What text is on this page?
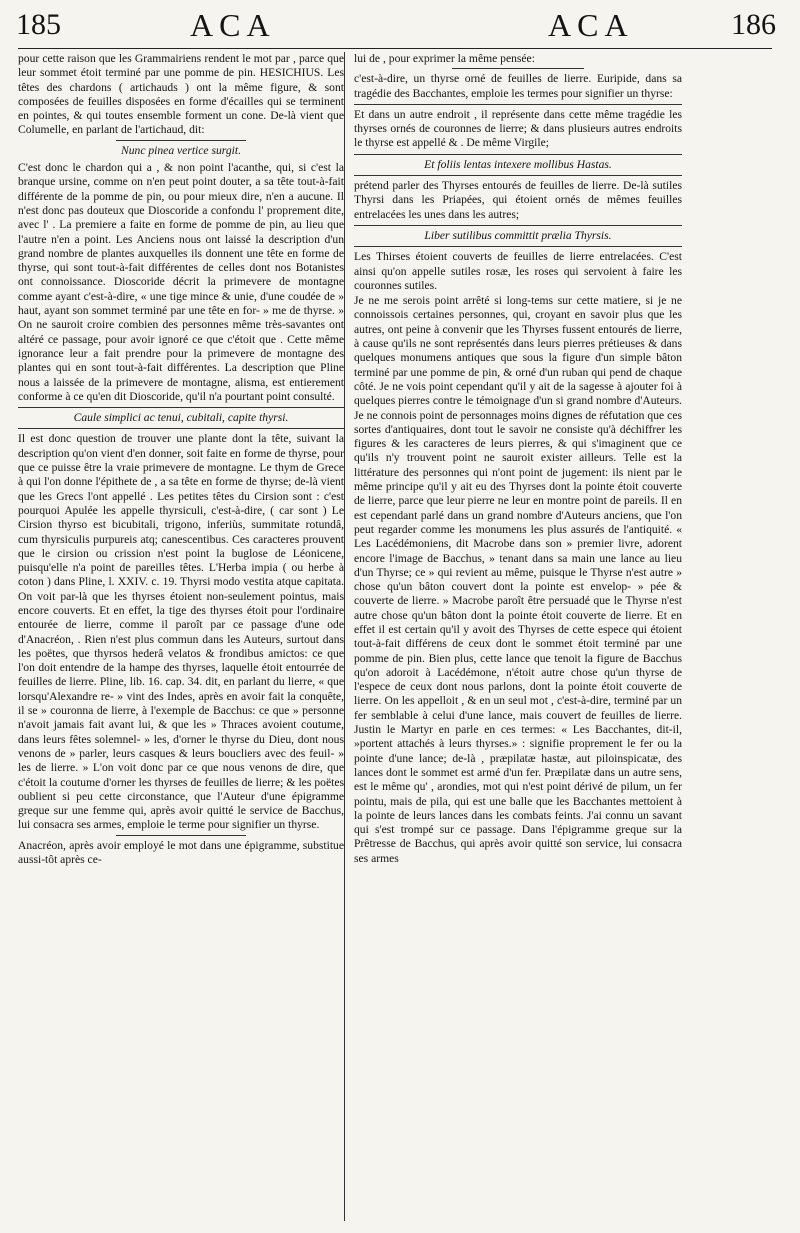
185	ACA	ACA	186

pour cette raison que les Grammairiens rendent le mot par , parce que leur sommet étoit terminé par une pomme de pin. HESICHIUS. Les têtes des chardons ( artichauds ) ont la même figure, & sont composées de feuilles disposées en forme d'écailles qui se terminent en pointes, & qui toutes ensemble forment un cone. De-là vient que Columelle, en parlant de l'artichaud, dit:

Nunc pinea vertice surgit.

C'est donc le chardon qui a , & non point l'acanthe, qui, si c'est la branque ursine, comme on n'en peut point douter, a sa tête tout-à-fait différente de la pomme de pin, ou pour mieux dire, n'en a aucune. Il n'est donc pas douteux que Dioscoride a confondu l' proprement dite, avec l' . La premiere a faite en forme de pomme de pin, au lieu que l'autre n'en a point. Les Anciens nous ont laissé la description d'un grand nombre de plantes auxquelles ils donnent une tête en forme de thyrse, qui sont tout-à-fait différentes de celles dont nos Botanistes ont connoissance. Dioscoride décrit la primevere de montagne comme ayant c'est-à-dire, « une tige mince & unie, d'une coudée de » haut, ayant son sommet terminé par une tête en for- » me de thyrse. » On ne sauroit croire combien des personnes même très-savantes ont altéré ce passage, pour avoir ignoré ce que c'étoit que . Cette même ignorance leur a fait prendre pour la primevere de montagne des plantes qui en sont tout-à-fait différentes. La description que Pline nous a laissée de la primevere de montagne, alisma, est entierement conforme à ce qu'en dit Dioscoride, qu'il n'a pourtant point consulté.

Caule simplici ac tenui, cubitali, capite thyrsi.

Il est donc question de trouver une plante dont la tête, suivant la description qu'on vient d'en donner, soit faite en forme de thyrse, pour que ce puisse être la vraie primevere de montagne. Le thym de Grece à qui l'on donne l'épithete de , a sa tête en forme de thyrse; de-là vient que les Grecs l'ont appellé . Les petites têtes du Cirsion sont : c'est pourquoi Apulée les appelle thyrsiculi, c'est-à-dire, ( car sont ) Le Cirsion thyrso est bicubitali, trigono, inferiùs, summitate rotundâ, cum thyrsiculis purpureis atq; canescentibus. Ces caracteres prouvent que le cirsion ou crission n'est point la buglose de Léonicene, puisqu'elle n'a point de pareilles têtes. L'Herba impia ( ou herbe à coton ) dans Pline, l. XXIV. c. 19. Thyrsi modo vestita atque capitata. On voit par-là que les thyrses étoient non-seulement pointus, mais encore couverts. Et en effet, la tige des thyrses étoit pour l'ordinaire entourée de lierre, comme il paroît par ce passage d'une ode d'Anacréon, . Rien n'est plus commun dans les Auteurs, surtout dans les poëtes, que thyrsos hederâ velatos & frondibus amictos: ce que l'on doit entendre de la hampe des thyrses, laquelle étoit entourrée de feuilles de lierre. Pline, lib. 16. cap. 34. dit, en parlant du lierre, « que lorsqu'Alexandre re- » vint des Indes, après en avoir fait la conquête, il se » couronna de lierre, à l'exemple de Bacchus: ce que » personne n'avoit jamais fait avant lui, & que les » Thraces avoient coutume, dans leurs fêtes solemnel- » les, d'orner le thyrse du Dieu, dont nous venons de » parler, leurs casques & leurs boucliers avec des feuil- » les de lierre. » L'on voit donc par ce que nous venons de dire, que c'étoit la coutume d'orner les thyrses de feuilles de lierre; & les poëtes oublient si peu cette circonstance, que l'Auteur d'une épigramme greque sur une femme qui, après avoir quitté le service de Bacchus, lui consacra ses armes, emploie le terme pour signifier un thyrse.

Anacréon, après avoir employé le mot dans une épigramme, substitue aussi-tôt après ce-

lui de , pour exprimer la même pensée:

c'est-à-dire, un thyrse orné de feuilles de lierre. Euripide, dans sa tragédie des Bacchantes, emploie les termes pour signifier un thyrse:

Et dans un autre endroit , il représente dans cette même tragédie les thyrses ornés de couronnes de lierre; & dans plusieurs autres endroits le thyrse est appellé & . De même Virgile;

Et foliis lentas intexere mollibus Hastas.

prétend parler des Thyrses entourés de feuilles de lierre. De-là sutiles Thyrsi dans les Priapées, qui étoient ornés de mêmes feuilles entrelacées les unes dans les autres;

Liber sutilibus committit prælia Thyrsis.

Les Thirses étoient couverts de feuilles de lierre entrelacées. C'est ainsi qu'on appelle sutiles rosæ, les roses qui servoient à faire les couronnes sutiles.

Je ne me serois point arrêté si long-tems sur cette matiere, si je ne connoissois certaines personnes, qui, croyant en savoir plus que les autres, ont peine à convenir que les Thyrses fussent entourés de lierre, à cause qu'ils ne sont représentés dans leurs pierres prétieuses & dans quelques monumens antiques que sous la figure d'un simple bâton terminé par une pomme de pin, & orné d'un ruban qui pend de chaque côté. Je ne vois point cependant qu'il y ait de la sagesse à ajouter foi à quelques pierres contre le témoignage d'un si grand nombre d'Auteurs. Je ne connois point de personnages moins dignes de réfutation que ces sortes d'antiquaires, dont tout le savoir ne consiste qu'à déchiffrer les figures & les caracteres de leurs pierres, & qui s'imaginent que ce qu'ils n'y trouvent point ne sauroit exister ailleurs. Telle est la littérature des personnes qui n'ont point de jugement: ils nient par le même principe qu'il y ait eu des Thyrses dont la pointe étoit couverte de lierre, parce que leur pierre ne leur en montre point de pareils. Il en est cependant parlé dans un grand nombre d'Auteurs anciens, que l'on peut regarder comme les monumens les plus assurés de l'antiquité. « Les Lacédémoniens, dit Macrobe dans son » premier livre, adorent encore l'image de Bacchus, » tenant dans sa main une lance au lieu d'un Thyrse; ce » qui revient au même, puisque le Thyrse n'est autre » chose qu'un bâton couvert dont la pointe est envelop- » pée & couverte de lierre. » Macrobe paroît être persuadé que le Thyrse n'est autre chose qu'un bâton dont la pointe étoit couverte de lierre. Et en effet il est certain qu'il y avoit des Thyrses de cette espece qui étoient tout-à-fait différens de ceux dont le sommet étoit terminé par une pomme de pin. Bien plus, cette lance que tenoit la figure de Bacchus qu'on adoroit à Lacédémone, n'étoit autre chose qu'un thyrse de l'espece de ceux dont nous parlons, dont la pointe étoit couverte de lierre. On les appelloit , & en un seul mot , c'est-à-dire, terminé par un fer semblable à celui d'une lance, mais couvert de feuilles de lierre. Justin le Martyr en parle en ces termes: « Les Bacchantes, dit-il, »portent attachés à leurs thyrses.» : signifie proprement le fer ou la pointe d'une lance; de-là , præpilatæ hastæ, aut piloinspicatæ, des lances dont le sommet est armé d'un fer. Præpilatæ dans un autre sens, est le même qu' , arondies, mot qui n'est point dérivé de pilum, un fer pointu, mais de pila, qui est une balle que les Bacchantes mettoient à la pointe de leurs lances dans les combats feints. J'ai connu un savant qui s'est trompé sur ce passage. Dans l'épigramme greque sur la Prêtresse de Bacchus, qui après avoir quitté son service, lui consacra ses armes
